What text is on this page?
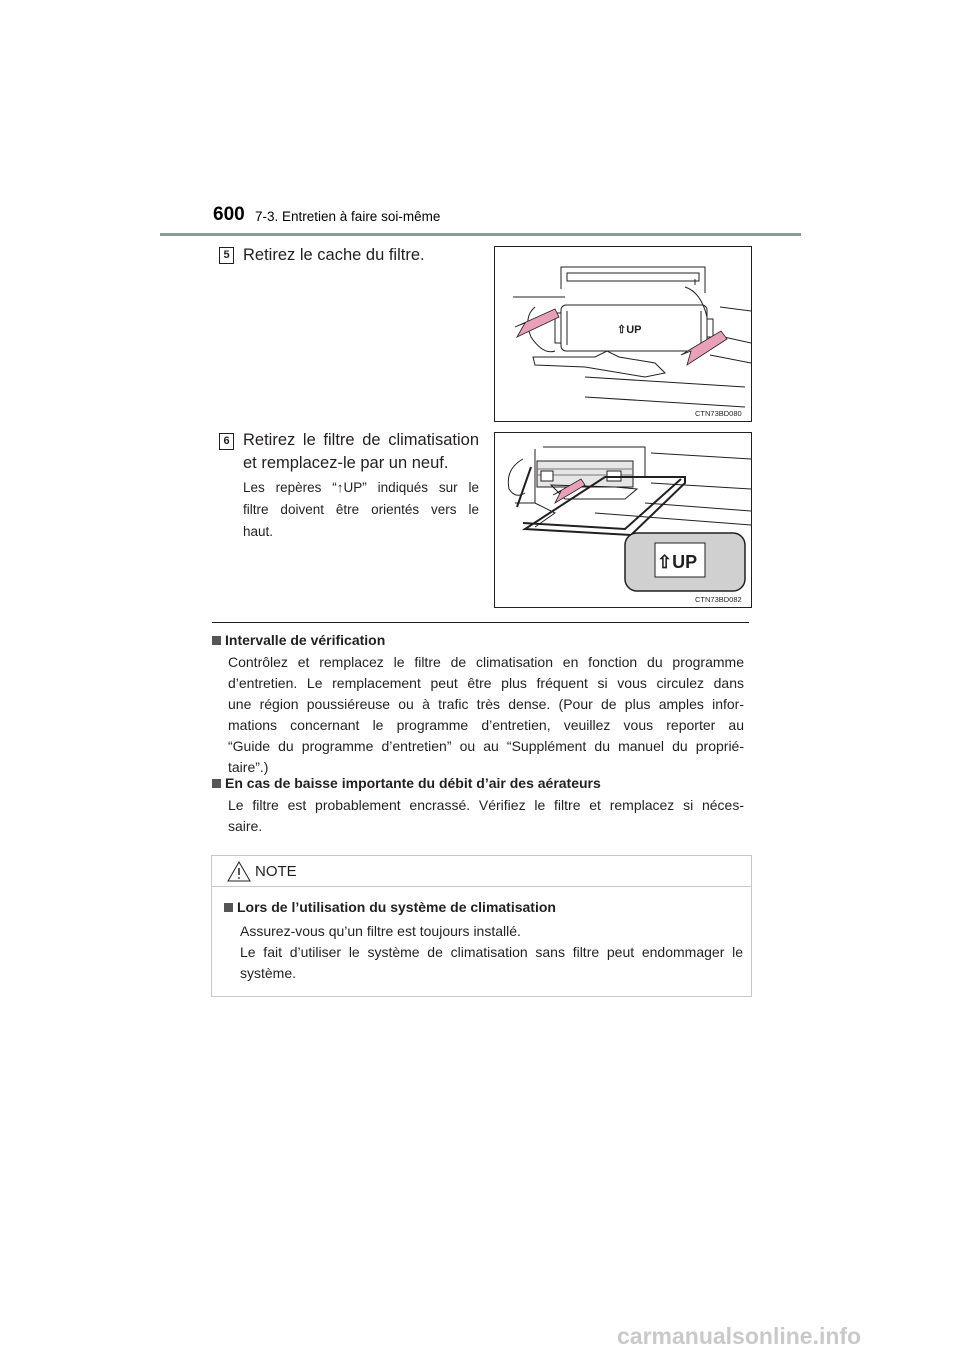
600 7-3. Entretien à faire soi-même
5 Retirez le cache du filtre.
⇧UP
CTN73BD080
6 Retirez le filtre de climatisation
et remplacez-le par un neuf.
Les repères “↑UP” indiqués sur le
filtre doivent être orientés vers le
haut.
⇧UP
CTN73BD082
Intervalle de vérification
Contrôlez et remplacez le filtre de climatisation en fonction du programme
d’entretien. Le remplacement peut être plus fréquent si vous circulez dans
une région poussiéreuse ou à trafic très dense. (Pour de plus amples infor-
mations concernant le programme d’entretien, veuillez vous reporter au
“Guide du programme d’entretien” ou au “Supplément du manuel du proprié-
taire”.)
En cas de baisse importante du débit d’air des aérateurs
Le filtre est probablement encrassé. Vérifiez le filtre et remplacez si néces-
saire.
NOTE
Lors de l’utilisation du système de climatisation
Assurez-vous qu’un filtre est toujours installé.
Le fait d’utiliser le système de climatisation sans filtre peut endommager le
système.
carmanualsonline.info
